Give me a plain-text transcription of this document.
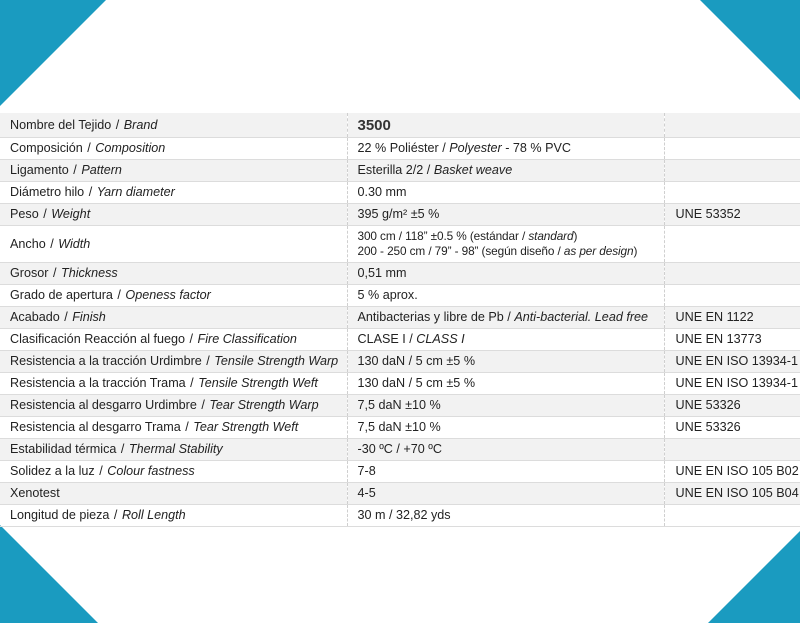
Nombre del Tejido / Brand	3500	
Composición / Composition	22 % Poliéster / Polyester - 78 % PVC	
Ligamento / Pattern	Esterilla 2/2 / Basket weave	
Diámetro hilo / Yarn diameter	0.30 mm	
Peso / Weight	395 g/m² ±5 %	UNE 53352
Ancho / Width	300 cm / 118” ±0.5 % (estándar / standard)
200 - 250 cm / 79” - 98” (según diseño / as per design)	

Grosor / Thickness	0,51 mm	
Grado de apertura / Openess factor	5 % aprox.	
Acabado / Finish	Antibacterias y libre de Pb / Anti-bacterial. Lead free	UNE EN 1122
Clasificación Reacción al fuego / Fire Classification	CLASE I / CLASS I	UNE EN 13773
Resistencia a la tracción Urdimbre / Tensile Strength Warp	130 daN / 5 cm ±5 %	UNE EN ISO 13934-1
Resistencia a la tracción Trama / Tensile Strength Weft	130 daN / 5 cm ±5 %	UNE EN ISO 13934-1
Resistencia al desgarro Urdimbre / Tear Strength Warp	7,5 daN ±10 %	UNE 53326
Resistencia al desgarro Trama / Tear Strength Weft	7,5 daN ±10 %	UNE 53326
Estabilidad térmica / Thermal Stability	-30 ºC / +70 ºC	
Solidez a la luz / Colour fastness	7-8	UNE EN ISO 105 B02
Xenotest	4-5	UNE EN ISO 105 B04
Longitud de pieza / Roll Length	30 m / 32,82 yds	
